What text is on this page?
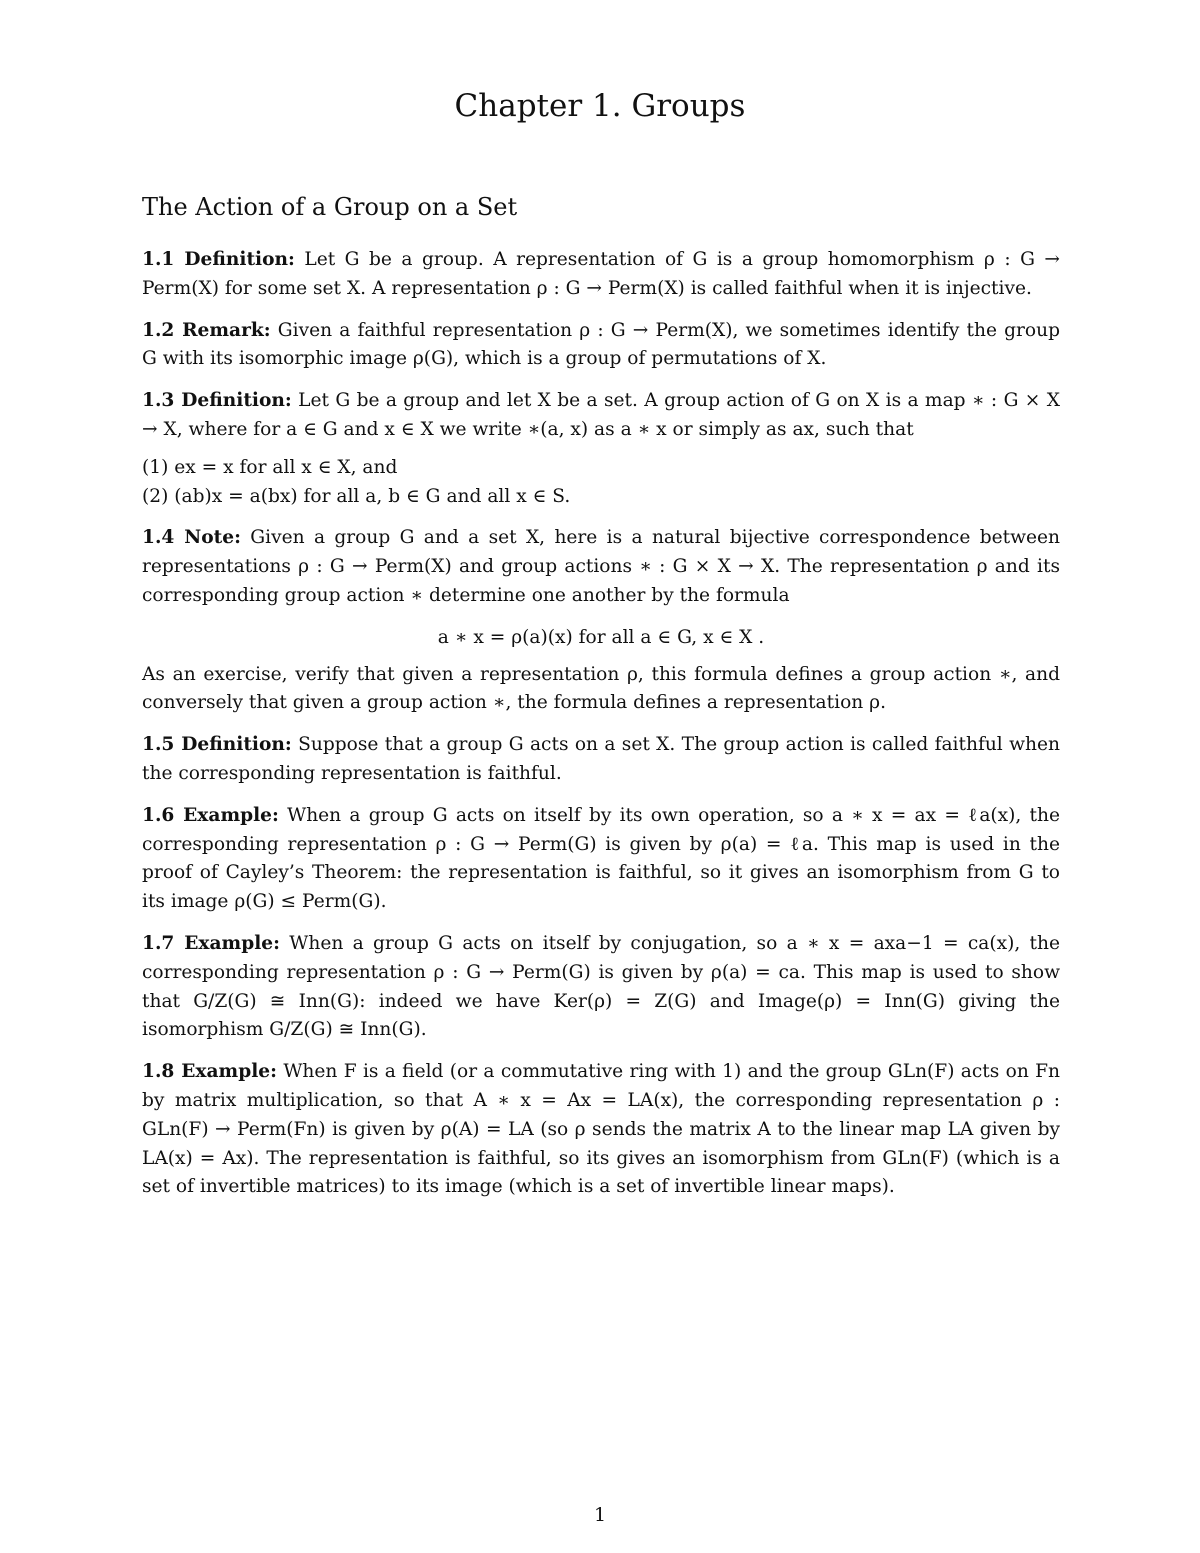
Chapter 1. Groups
The Action of a Group on a Set

1.1 Definition: Let G be a group. A representation of G is a group homomorphism ρ : G → Perm(X) for some set X. A representation ρ : G → Perm(X) is called faithful when it is injective.

1.2 Remark: Given a faithful representation ρ : G → Perm(X), we sometimes identify the group G with its isomorphic image ρ(G), which is a group of permutations of X.

1.3 Definition: Let G be a group and let X be a set. A group action of G on X is a map ∗ : G × X → X, where for a ∈ G and x ∈ X we write ∗(a, x) as a ∗ x or simply as ax, such that

(1) ex = x for all x ∈ X, and

(2) (ab)x = a(bx) for all a, b ∈ G and all x ∈ S.

1.4 Note: Given a group G and a set X, here is a natural bijective correspondence between representations ρ : G → Perm(X) and group actions ∗ : G × X → X. The representation ρ and its corresponding group action ∗ determine one another by the formula

a ∗ x = ρ(a)(x) for all a ∈ G, x ∈ X .

As an exercise, verify that given a representation ρ, this formula defines a group action ∗, and conversely that given a group action ∗, the formula defines a representation ρ.

1.5 Definition: Suppose that a group G acts on a set X. The group action is called faithful when the corresponding representation is faithful.

1.6 Example: When a group G acts on itself by its own operation, so a ∗ x = ax = ℓa(x), the corresponding representation ρ : G → Perm(G) is given by ρ(a) = ℓa. This map is used in the proof of Cayley’s Theorem: the representation is faithful, so it gives an isomorphism from G to its image ρ(G) ≤ Perm(G).

1.7 Example: When a group G acts on itself by conjugation, so a ∗ x = axa−1 = ca(x), the corresponding representation ρ : G → Perm(G) is given by ρ(a) = ca. This map is used to show that G/Z(G) ≅ Inn(G): indeed we have Ker(ρ) = Z(G) and Image(ρ) = Inn(G) giving the isomorphism G/Z(G) ≅ Inn(G).

1.8 Example: When F is a field (or a commutative ring with 1) and the group GLn(F) acts on Fn by matrix multiplication, so that A ∗ x = Ax = LA(x), the corresponding representation ρ : GLn(F) → Perm(Fn) is given by ρ(A) = LA (so ρ sends the matrix A to the linear map LA given by LA(x) = Ax). The representation is faithful, so its gives an isomorphism from GLn(F) (which is a set of invertible matrices) to its image (which is a set of invertible linear maps).

1
